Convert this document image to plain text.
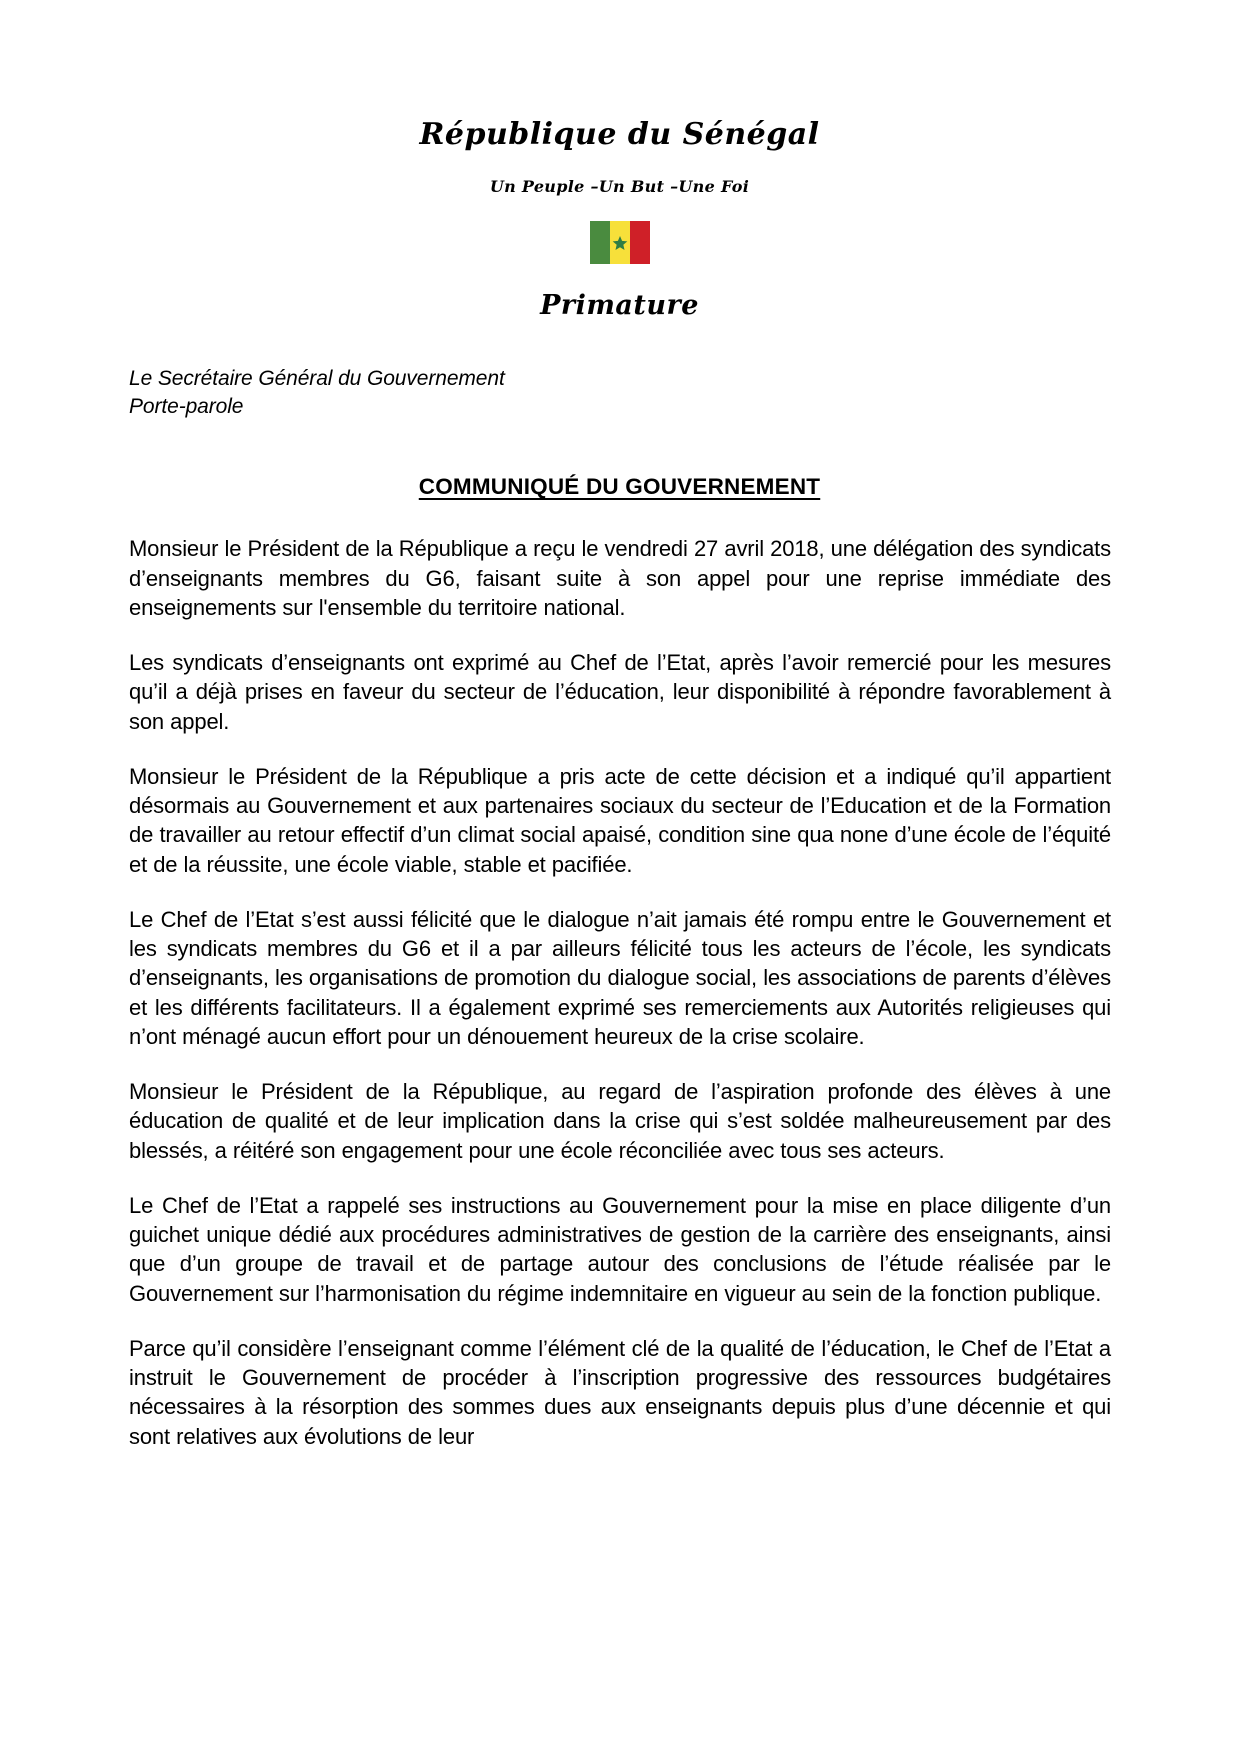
République du Sénégal
Un Peuple –Un But –Une Foi
Primature
Le Secrétaire Général du Gouvernement
Porte-parole
COMMUNIQUÉ DU GOUVERNEMENT

Monsieur le Président de la République a reçu le vendredi 27 avril 2018, une délégation des syndicats d’enseignants membres du G6, faisant suite à son appel pour une reprise immédiate des enseignements sur l'ensemble du territoire national.

Les syndicats d’enseignants ont exprimé au Chef de l’Etat, après l’avoir remercié pour les mesures qu’il a déjà prises en faveur du secteur de l’éducation, leur disponibilité à répondre favorablement à son appel.

Monsieur le Président de la République a pris acte de cette décision et a indiqué qu’il appartient désormais au Gouvernement et aux partenaires sociaux du secteur de l’Education et de la Formation de travailler au retour effectif d’un climat social apaisé, condition sine qua none d’une école de l’équité et de la réussite, une école viable, stable et pacifiée.

Le Chef de l’Etat s’est aussi félicité que le dialogue n’ait jamais été rompu entre le Gouvernement et les syndicats membres du G6 et il a par ailleurs félicité tous les acteurs de l’école, les syndicats d’enseignants, les organisations de promotion du dialogue social, les associations de parents d’élèves et les différents facilitateurs. Il a également exprimé ses remerciements aux Autorités religieuses qui n’ont ménagé aucun effort pour un dénouement heureux de la crise scolaire.

Monsieur le Président de la République, au regard de l’aspiration profonde des élèves à une éducation de qualité et de leur implication dans la crise qui s’est soldée malheureusement par des blessés, a réitéré son engagement pour une école réconciliée avec tous ses acteurs.

Le Chef de l’Etat a rappelé ses instructions au Gouvernement pour la mise en place diligente d’un guichet unique dédié aux procédures administratives de gestion de la carrière des enseignants, ainsi que d’un groupe de travail et de partage autour des conclusions de l’étude réalisée par le Gouvernement sur l’harmonisation du régime indemnitaire en vigueur au sein de la fonction publique.

Parce qu’il considère l’enseignant comme l’élément clé de la qualité de l’éducation, le Chef de l’Etat a instruit le Gouvernement de procéder à l’inscription progressive des ressources budgétaires nécessaires à la résorption des sommes dues aux enseignants depuis plus d’une décennie et qui sont relatives aux évolutions de leur
